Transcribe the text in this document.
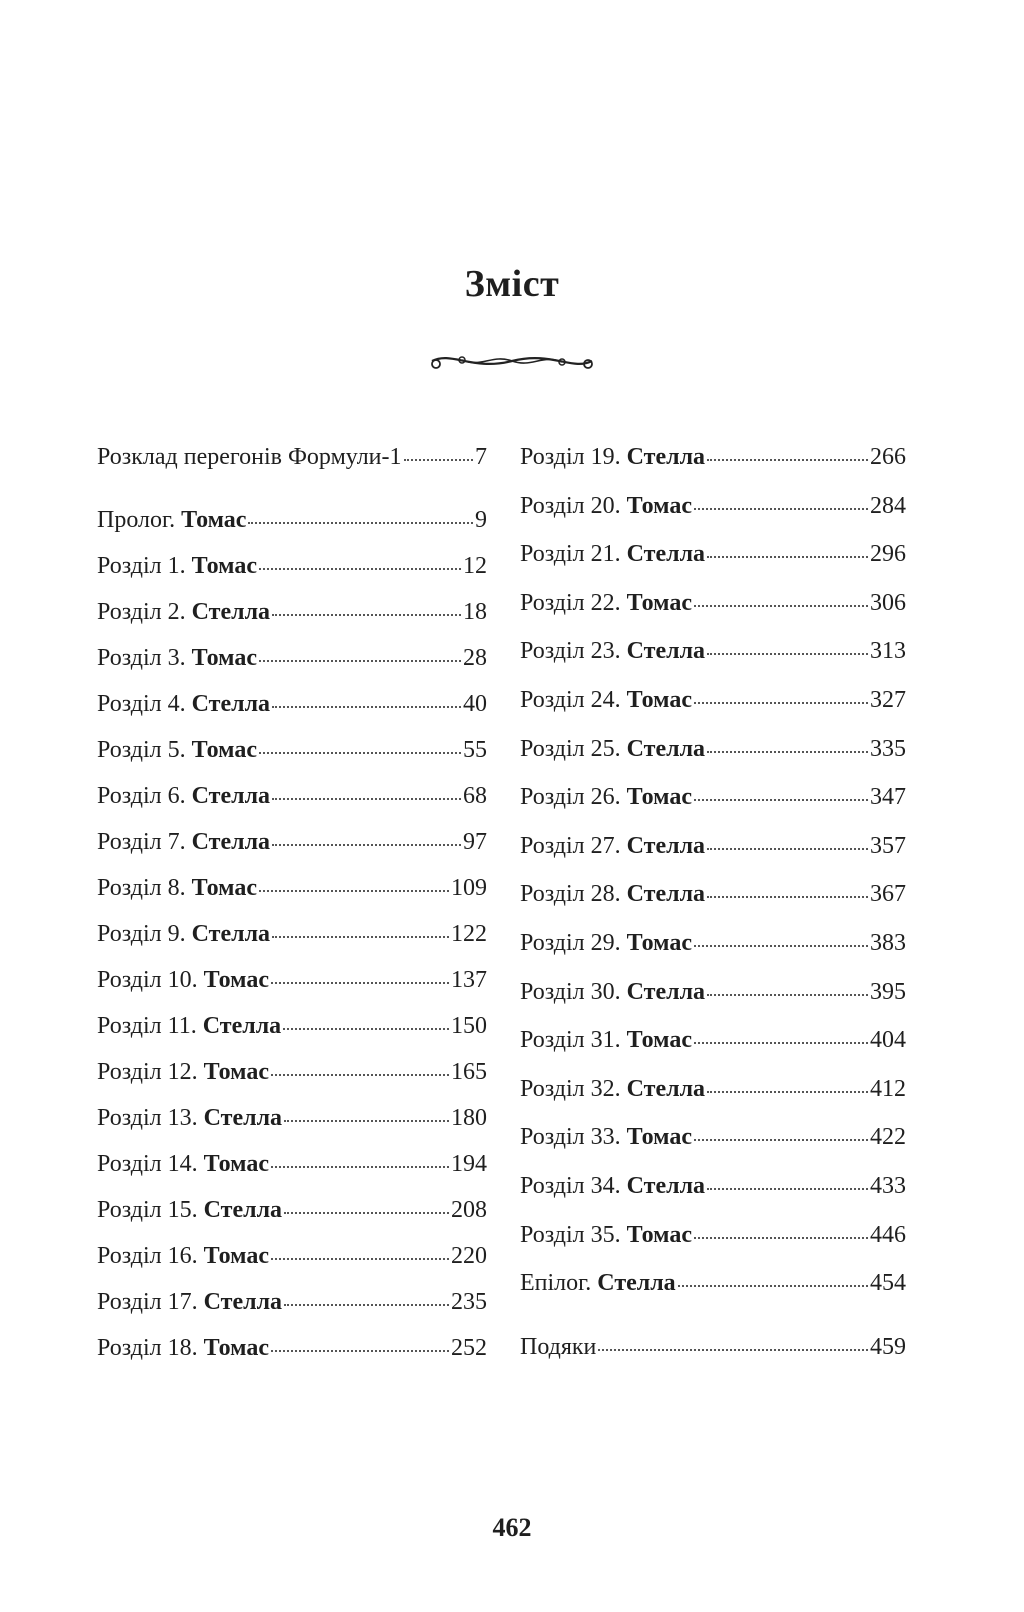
Зміст
Розклад перегонів Формули-1	7
Пролог. Томас	9
Розділ 1. Томас	12
Розділ 2. Стелла	18
Розділ 3. Томас	28
Розділ 4. Стелла	40
Розділ 5. Томас	55
Розділ 6. Стелла	68
Розділ 7. Стелла	97
Розділ 8. Томас	109
Розділ 9. Стелла	122
Розділ 10. Томас	137
Розділ 11. Стелла	150
Розділ 12. Томас	165
Розділ 13. Стелла	180
Розділ 14. Томас	194
Розділ 15. Стелла	208
Розділ 16. Томас	220
Розділ 17. Стелла	235
Розділ 18. Томас	252
Розділ 19. Стелла	266
Розділ 20. Томас	284
Розділ 21. Стелла	296
Розділ 22. Томас	306
Розділ 23. Стелла	313
Розділ 24. Томас	327
Розділ 25. Стелла	335
Розділ 26. Томас	347
Розділ 27. Стелла	357
Розділ 28. Стелла	367
Розділ 29. Томас	383
Розділ 30. Стелла	395
Розділ 31. Томас	404
Розділ 32. Стелла	412
Розділ 33. Томас	422
Розділ 34. Стелла	433
Розділ 35. Томас	446
Епілог. Стелла	454
Подяки	459
462
